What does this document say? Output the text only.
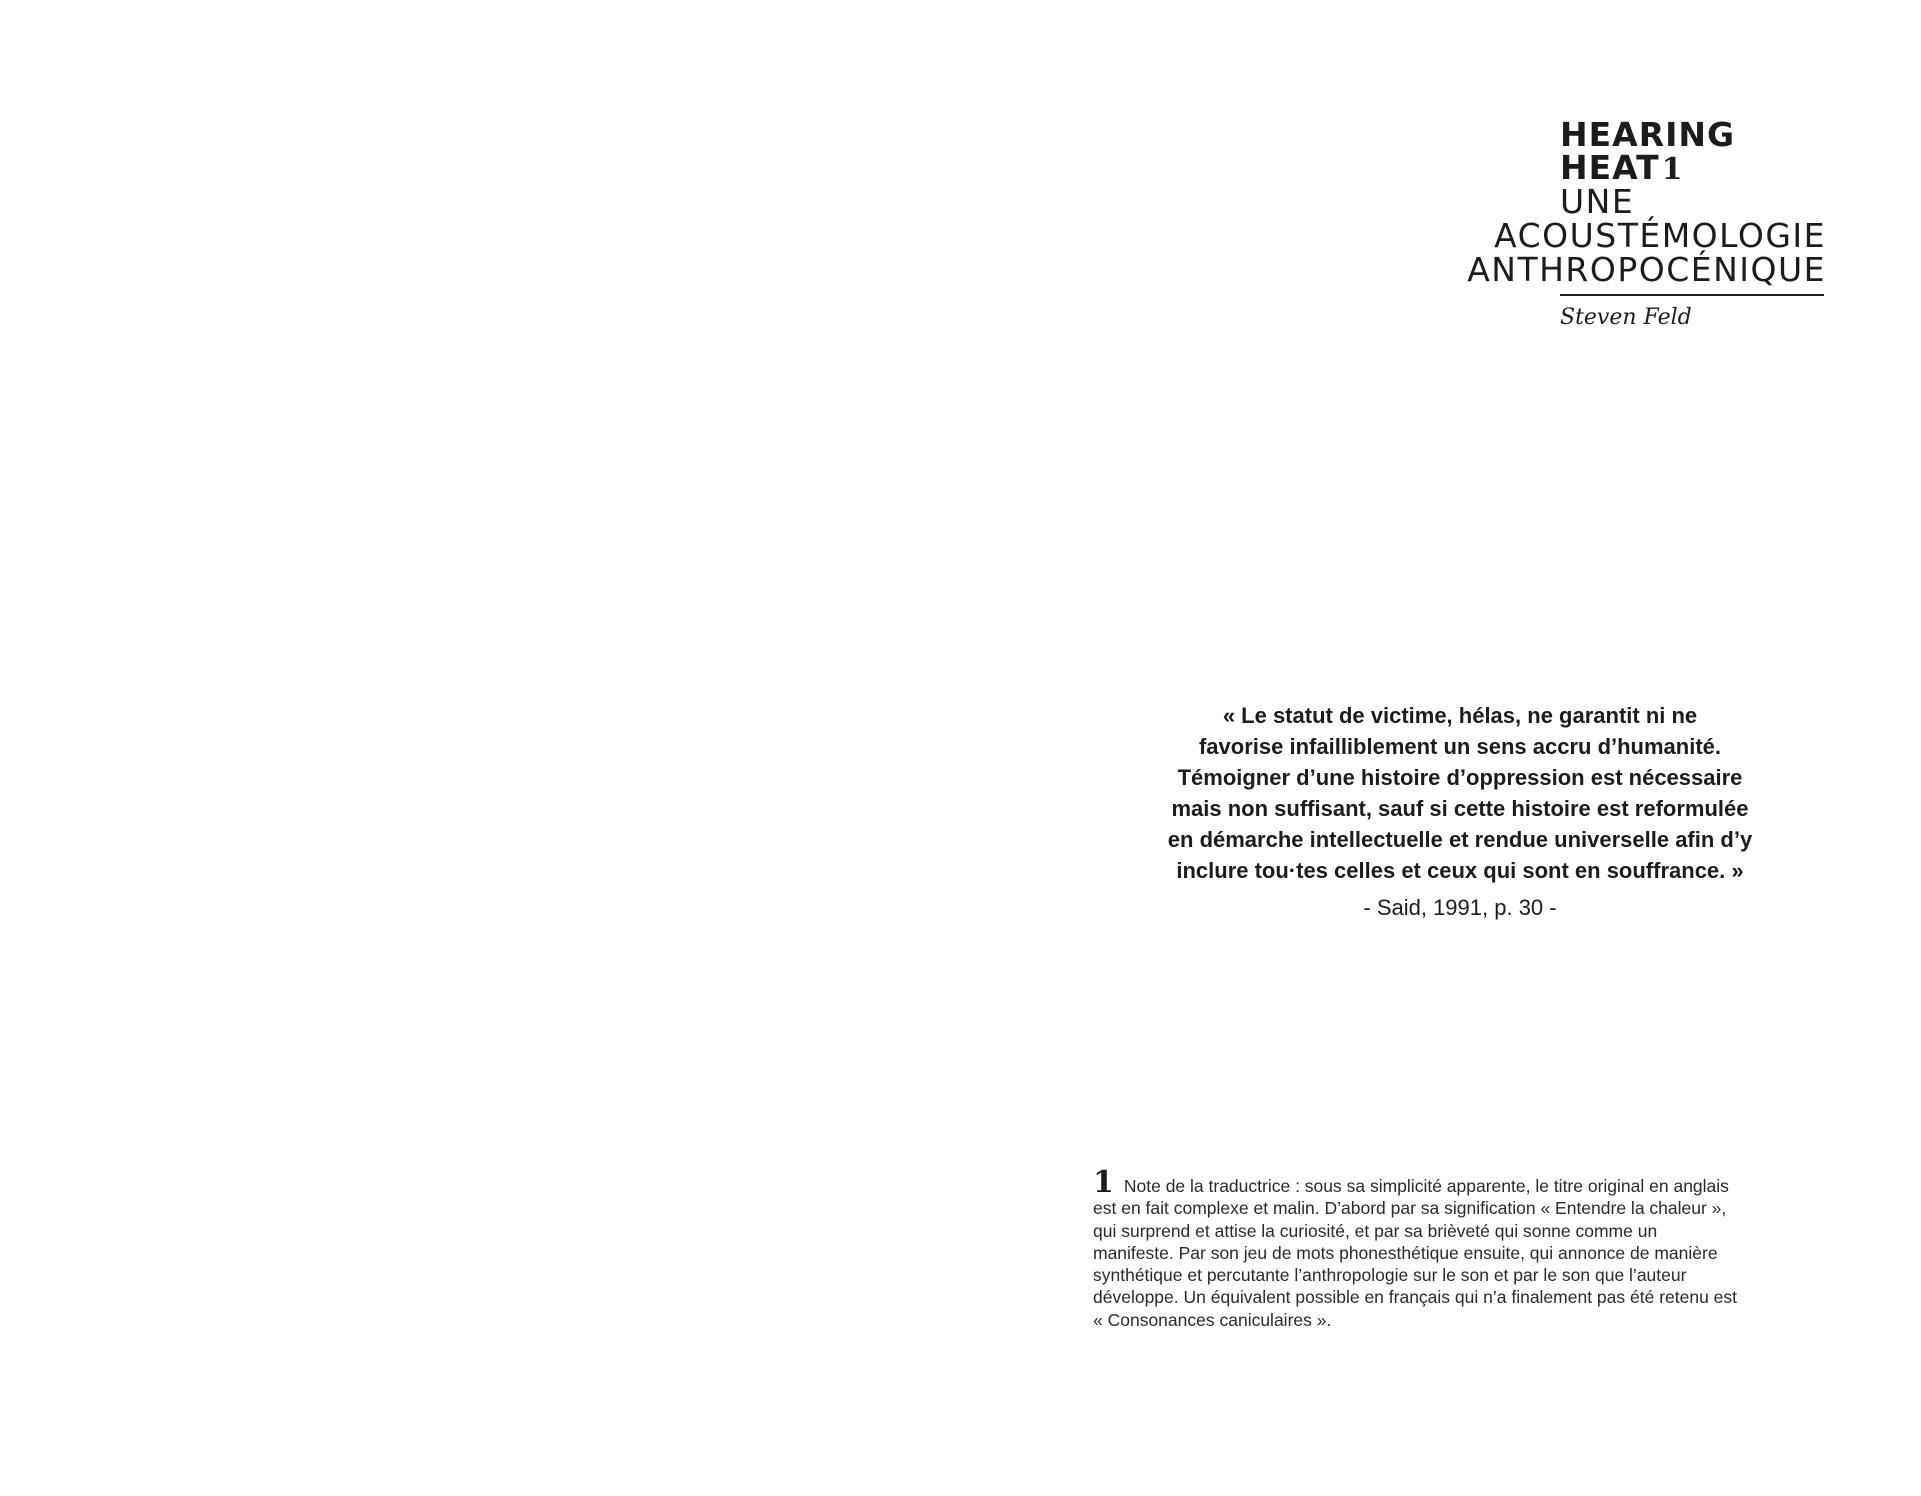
HEARING
HEAT1
UNE
ACOUSTÉMOLOGIE
ANTHROPOCÉNIQUE
Steven Feld
« Le statut de victime, hélas, ne garantit ni ne
favorise infailliblement un sens accru d’humanité.
Témoigner d’une histoire d’oppression est nécessaire
mais non suffisant, sauf si cette histoire est reformulée
en démarche intellectuelle et rendue universelle afin d’y
inclure tou·tes celles et ceux qui sont en souffrance. »
- Said, 1991, p. 30 -
1 Note de la traductrice : sous sa simplicité apparente, le titre original en anglais
est en fait complexe et malin. D’abord par sa signification « Entendre la chaleur »,
qui surprend et attise la curiosité, et par sa brièveté qui sonne comme un
manifeste. Par son jeu de mots phonesthétique ensuite, qui annonce de manière
synthétique et percutante l’anthropologie sur le son et par le son que l’auteur
développe. Un équivalent possible en français qui n’a finalement pas été retenu est
« Consonances caniculaires ».
